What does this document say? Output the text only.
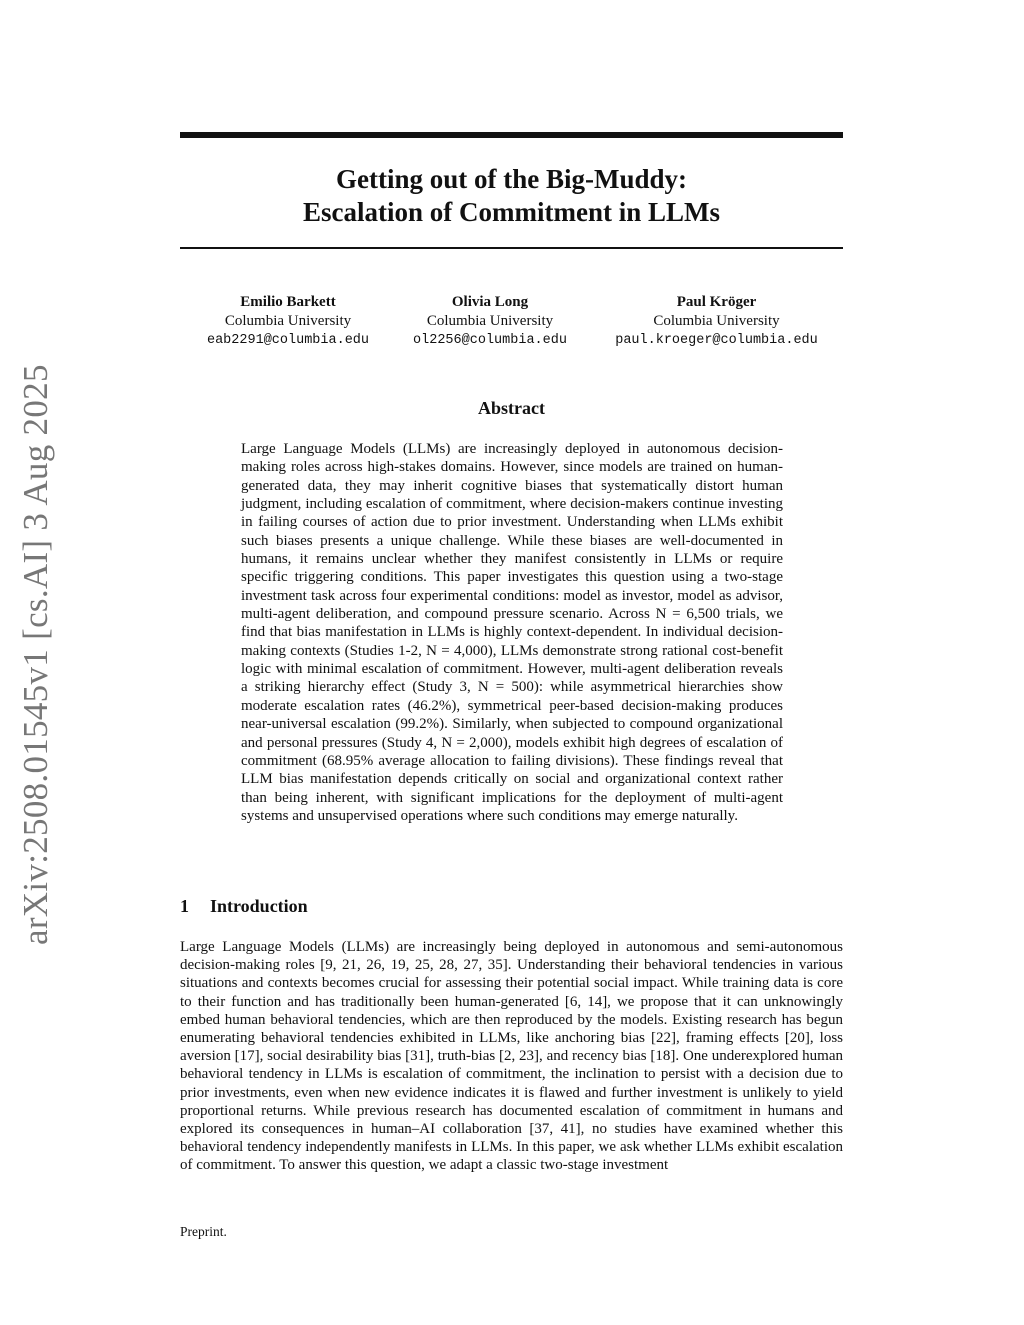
arXiv:2508.01545v1 [cs.AI] 3 Aug 2025
Getting out of the Big-Muddy:
Escalation of Commitment in LLMs
Emilio Barkett
Columbia University
eab2291@columbia.edu
Olivia Long
Columbia University
ol2256@columbia.edu
Paul Kröger
Columbia University
paul.kroeger@columbia.edu
Abstract

Large Language Models (LLMs) are increasingly deployed in autonomous decision-making roles across high-stakes domains. However, since models are trained on human-generated data, they may inherit cognitive biases that systematically distort human judgment, including escalation of commitment, where decision-makers continue investing in failing courses of action due to prior investment. Understanding when LLMs exhibit such biases presents a unique challenge. While these biases are well-documented in humans, it remains unclear whether they manifest consistently in LLMs or require specific triggering conditions. This paper investigates this question using a two-stage investment task across four experimental conditions: model as investor, model as advisor, multi-agent deliberation, and compound pressure scenario. Across N = 6,500 trials, we find that bias manifestation in LLMs is highly context-dependent. In individual decision-making contexts (Studies 1-2, N = 4,000), LLMs demonstrate strong rational cost-benefit logic with minimal escalation of commitment. However, multi-agent deliberation reveals a striking hierarchy effect (Study 3, N = 500): while asymmetrical hierarchies show moderate escalation rates (46.2%), symmetrical peer-based decision-making produces near-universal escalation (99.2%). Similarly, when subjected to compound organizational and personal pressures (Study 4, N = 2,000), models exhibit high degrees of escalation of commitment (68.95% average allocation to failing divisions). These findings reveal that LLM bias manifestation depends critically on social and organizational context rather than being inherent, with significant implications for the deployment of multi-agent systems and unsupervised operations where such conditions may emerge naturally.

1 Introduction

Large Language Models (LLMs) are increasingly being deployed in autonomous and semi-autonomous decision-making roles [9, 21, 26, 19, 25, 28, 27, 35]. Understanding their behavioral tendencies in various situations and contexts becomes crucial for assessing their potential social impact. While training data is core to their function and has traditionally been human-generated [6, 14], we propose that it can unknowingly embed human behavioral tendencies, which are then reproduced by the models. Existing research has begun enumerating behavioral tendencies exhibited in LLMs, like anchoring bias [22], framing effects [20], loss aversion [17], social desirability bias [31], truth-bias [2, 23], and recency bias [18]. One underexplored human behavioral tendency in LLMs is escalation of commitment, the inclination to persist with a decision due to prior investments, even when new evidence indicates it is flawed and further investment is unlikely to yield proportional returns. While previous research has documented escalation of commitment in humans and explored its consequences in human–AI collaboration [37, 41], no studies have examined whether this behavioral tendency independently manifests in LLMs. In this paper, we ask whether LLMs exhibit escalation of commitment. To answer this question, we adapt a classic two-stage investment

Preprint.
